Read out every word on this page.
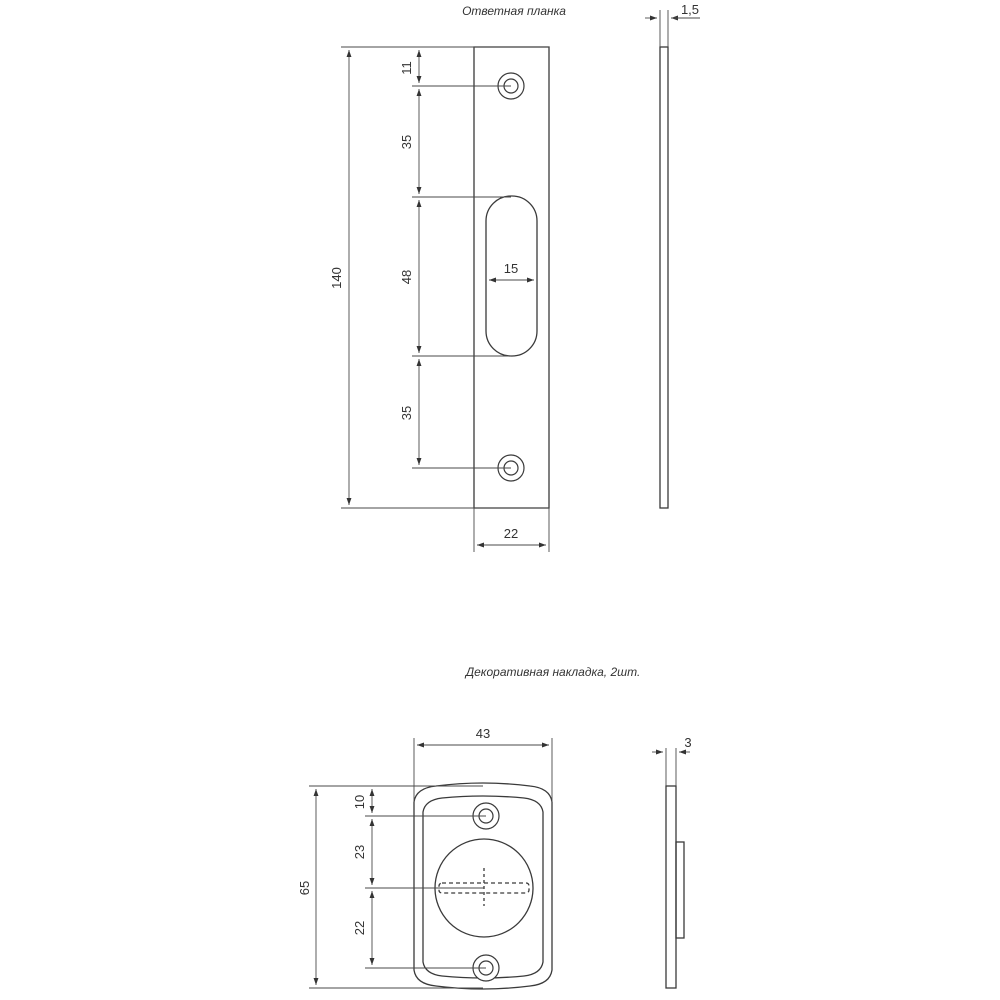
Ответная планка	1,5
11
35
48
35
140	15
22
Декоративная накладка, 2шт.
43
3
65
10
23
22
